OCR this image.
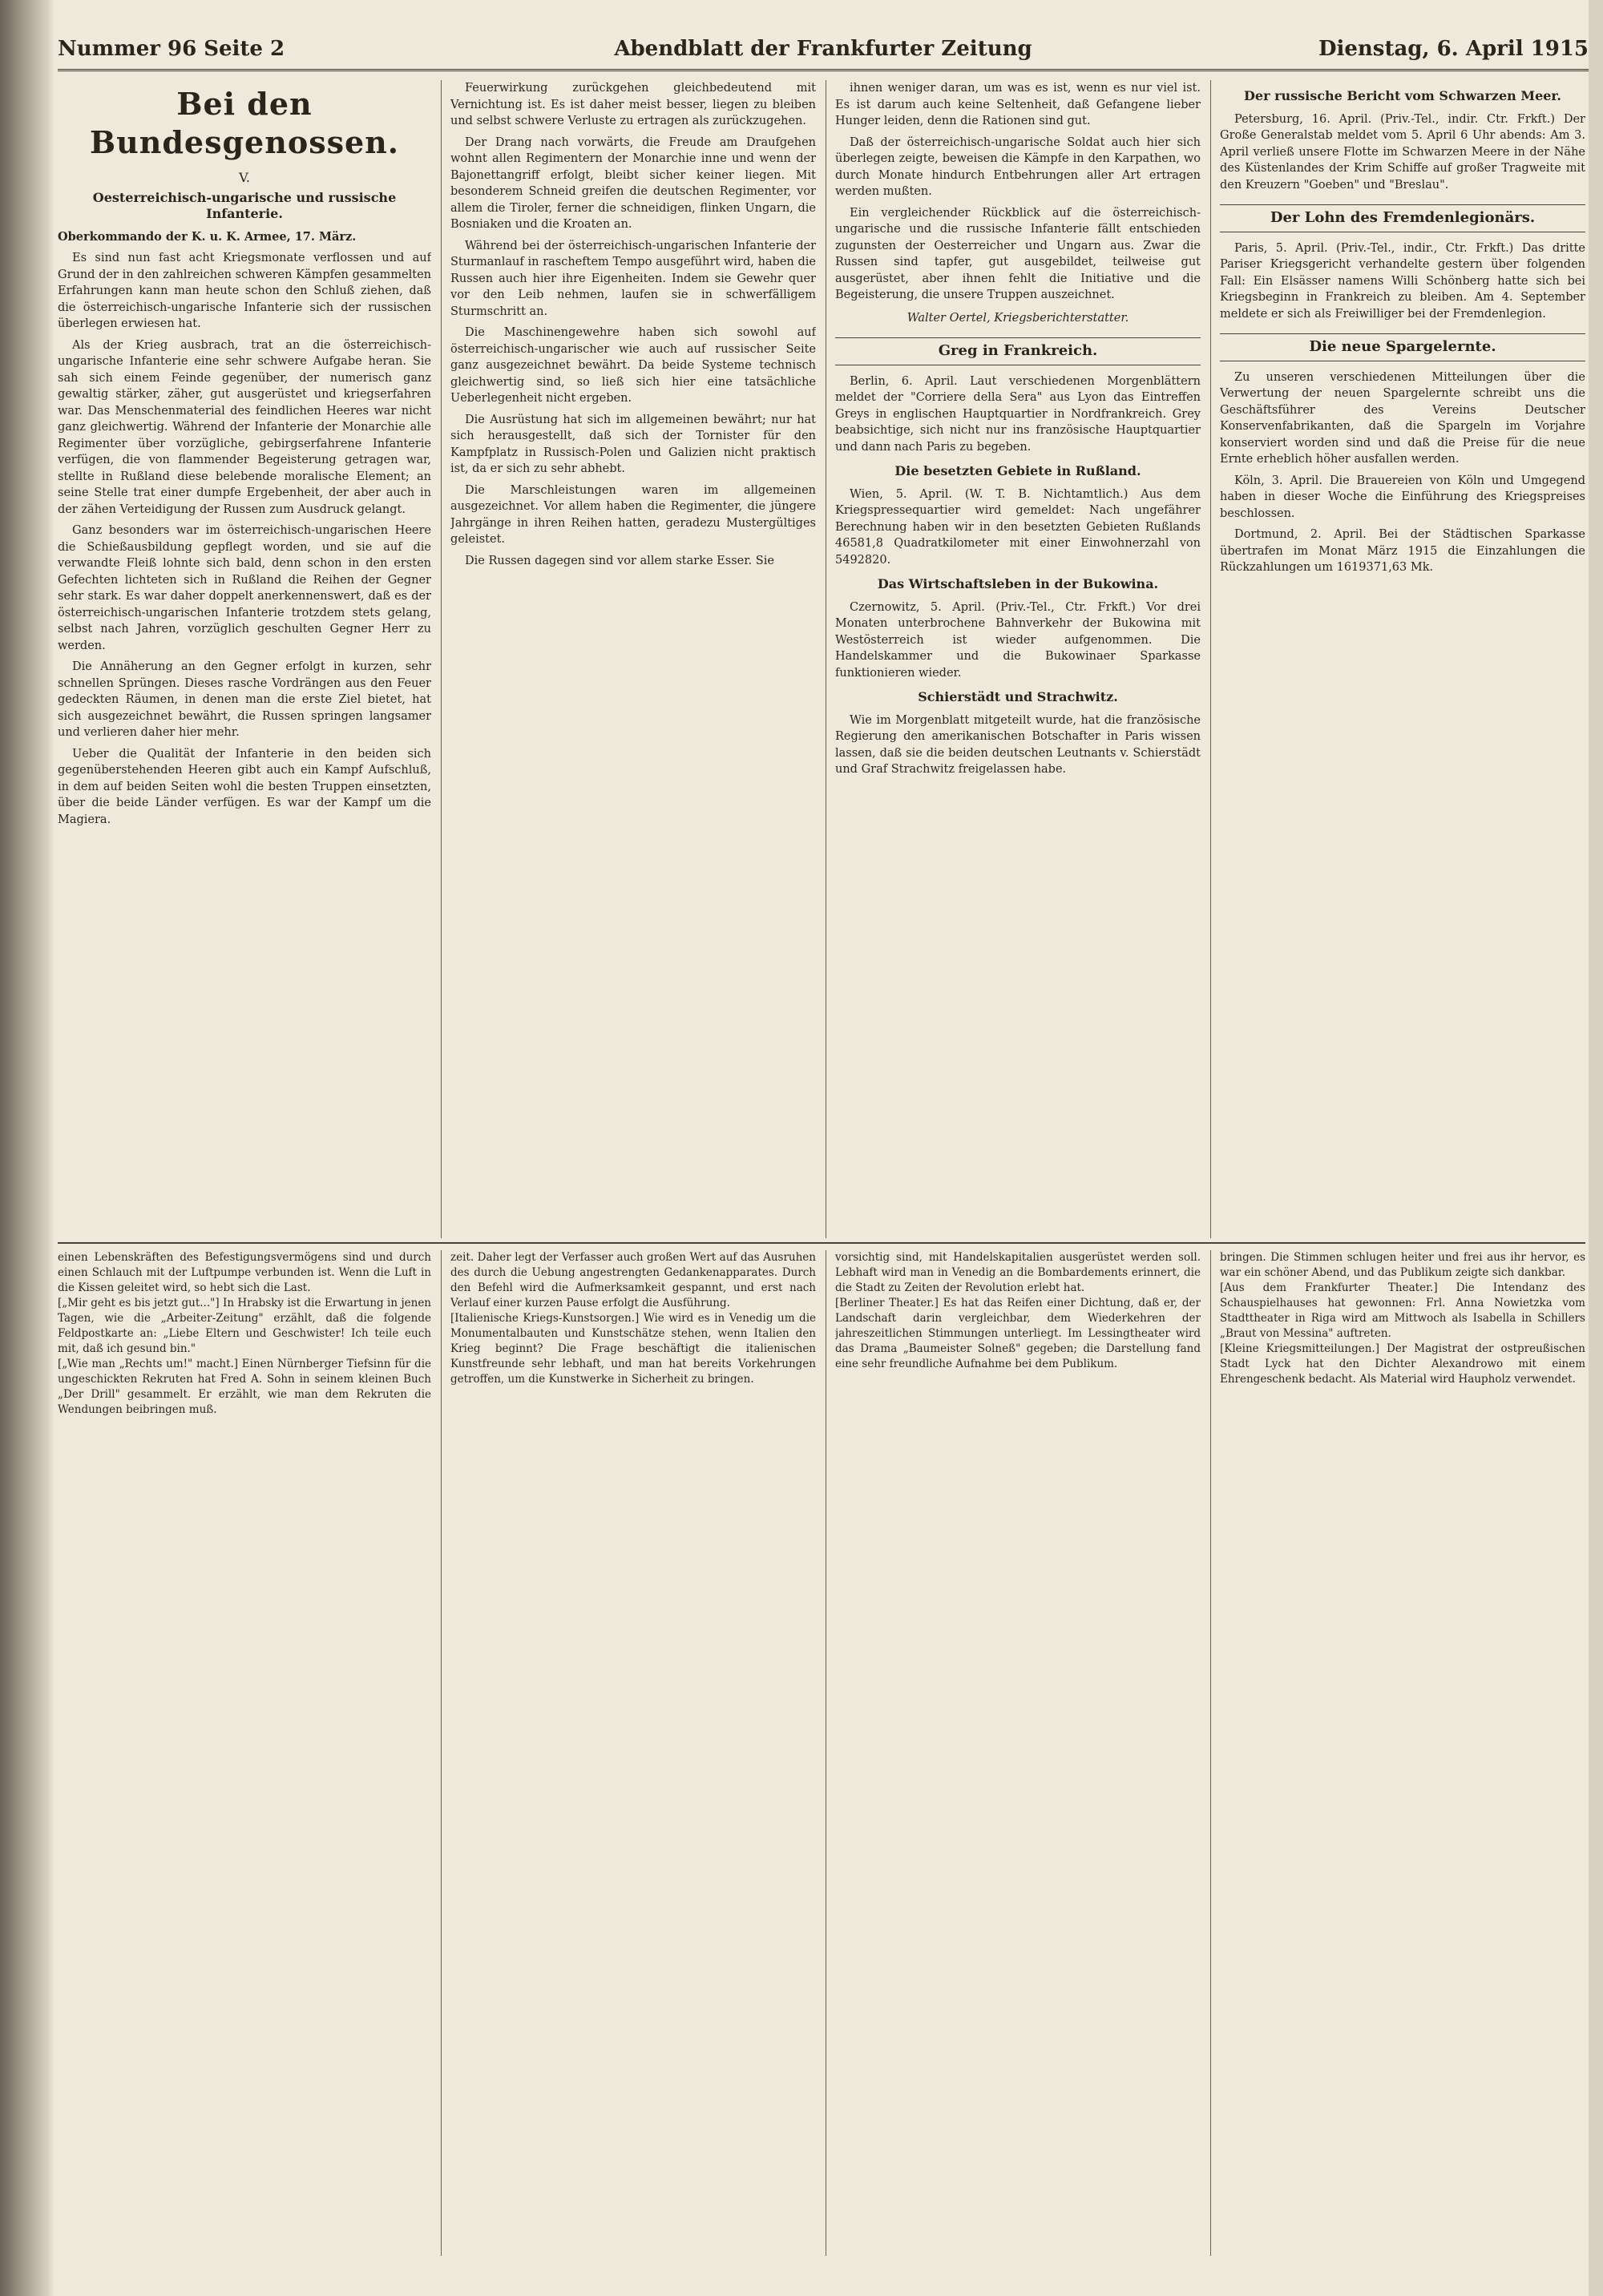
Nummer 96 Seite 2	Abendblatt der Frankfurter Zeitung	Dienstag, 6. April 1915
Bei den Bundesgenossen.
V.
Oesterreichisch-ungarische und russische Infanterie.
Oberkommando der K. u. K. Armee, 17. März.

Es sind nun fast acht Kriegsmonate verflossen und auf Grund der in den zahlreichen schweren Kämpfen gesammelten Erfahrungen kann man heute schon den Schluß ziehen, daß die österreichisch-ungarische Infanterie sich der russischen überlegen erwiesen hat.

Als der Krieg ausbrach, trat an die österreichisch-ungarische Infanterie eine sehr schwere Aufgabe heran. Sie sah sich einem Feinde gegenüber, der numerisch ganz gewaltig stärker, zäher, gut ausgerüstet und kriegserfahren war. Das Menschenmaterial des feindlichen Heeres war nicht ganz gleichwertig. Während der Infanterie der Monarchie alle Regimenter über vorzügliche, gebirgserfahrene Infanterie verfügen, die von flammender Begeisterung getragen war, stellte in Rußland diese belebende moralische Element; an seine Stelle trat einer dumpfe Ergebenheit, der aber auch in der zähen Verteidigung der Russen zum Ausdruck gelangt.

Ganz besonders war im österreichisch-ungarischen Heere die Schießausbildung gepflegt worden, und sie auf die verwandte Fleiß lohnte sich bald, denn schon in den ersten Gefechten lichteten sich in Rußland die Reihen der Gegner sehr stark. Es war daher doppelt anerkennenswert, daß es der österreichisch-ungarischen Infanterie trotzdem stets gelang, selbst nach Jahren, vorzüglich geschulten Gegner Herr zu werden.

Die Annäherung an den Gegner erfolgt in kurzen, sehr schnellen Sprüngen. Dieses rasche Vordrängen aus den Feuer gedeckten Räumen, in denen man die erste Ziel bietet, hat sich ausgezeichnet bewährt, die Russen springen langsamer und verlieren daher hier mehr.

Ueber die Qualität der Infanterie in den beiden sich gegenüberstehenden Heeren gibt auch ein Kampf Aufschluß, in dem auf beiden Seiten wohl die besten Truppen einsetzten, über die beide Länder verfügen. Es war der Kampf um die Magiera.

Feuerwirkung zurückgehen gleichbedeutend mit Vernichtung ist. Es ist daher meist besser, liegen zu bleiben und selbst schwere Verluste zu ertragen als zurückzugehen.

Der Drang nach vorwärts, die Freude am Draufgehen wohnt allen Regimentern der Monarchie inne und wenn der Bajonettangriff erfolgt, bleibt sicher keiner liegen. Mit besonderem Schneid greifen die deutschen Regimenter, vor allem die Tiroler, ferner die schneidigen, flinken Ungarn, die Bosniaken und die Kroaten an.

Während bei der österreichisch-ungarischen Infanterie der Sturmanlauf in rascheftem Tempo ausgeführt wird, haben die Russen auch hier ihre Eigenheiten. Indem sie Gewehr quer vor den Leib nehmen, laufen sie in schwerfälligem Sturmschritt an.

Die Maschinengewehre haben sich sowohl auf österreichisch-ungarischer wie auch auf russischer Seite ganz ausgezeichnet bewährt. Da beide Systeme technisch gleichwertig sind, so ließ sich hier eine tatsächliche Ueberlegenheit nicht ergeben.

Die Ausrüstung hat sich im allgemeinen bewährt; nur hat sich herausgestellt, daß sich der Tornister für den Kampfplatz in Russisch-Polen und Galizien nicht praktisch ist, da er sich zu sehr abhebt.

Die Marschleistungen waren im allgemeinen ausgezeichnet. Vor allem haben die Regimenter, die jüngere Jahrgänge in ihren Reihen hatten, geradezu Mustergültiges geleistet.

Die Russen dagegen sind vor allem starke Esser. Sie

ihnen weniger daran, um was es ist, wenn es nur viel ist. Es ist darum auch keine Seltenheit, daß Gefangene lieber Hunger leiden, denn die Rationen sind gut.

Daß der österreichisch-ungarische Soldat auch hier sich überlegen zeigte, beweisen die Kämpfe in den Karpathen, wo durch Monate hindurch Entbehrungen aller Art ertragen werden mußten.

Ein vergleichender Rückblick auf die österreichisch-ungarische und die russische Infanterie fällt entschieden zugunsten der Oesterreicher und Ungarn aus. Zwar die Russen sind tapfer, gut ausgebildet, teilweise gut ausgerüstet, aber ihnen fehlt die Initiative und die Begeisterung, die unsere Truppen auszeichnet.

Walter Oertel, Kriegsberichterstatter.
Greg in Frankreich.

Berlin, 6. April. Laut verschiedenen Morgenblättern meldet der "Corriere della Sera" aus Lyon das Eintreffen Greys in englischen Hauptquartier in Nordfrankreich. Grey beabsichtige, sich nicht nur ins französische Hauptquartier und dann nach Paris zu begeben.

Die besetzten Gebiete in Rußland.

Wien, 5. April. (W. T. B. Nichtamtlich.) Aus dem Kriegspressequartier wird gemeldet: Nach ungefährer Berechnung haben wir in den besetzten Gebieten Rußlands 46581,8 Quadratkilometer mit einer Einwohnerzahl von 5492820.

Das Wirtschaftsleben in der Bukowina.

Czernowitz, 5. April. (Priv.-Tel., Ctr. Frkft.) Vor drei Monaten unterbrochene Bahnverkehr der Bukowina mit Westösterreich ist wieder aufgenommen. Die Handelskammer und die Bukowinaer Sparkasse funktionieren wieder.

Schierstädt und Strachwitz.

Wie im Morgenblatt mitgeteilt wurde, hat die französische Regierung den amerikanischen Botschafter in Paris wissen lassen, daß sie die beiden deutschen Leutnants v. Schierstädt und Graf Strachwitz freigelassen habe.

Der russische Bericht vom Schwarzen Meer.

Petersburg, 16. April. (Priv.-Tel., indir. Ctr. Frkft.) Der Große Generalstab meldet vom 5. April 6 Uhr abends: Am 3. April verließ unsere Flotte im Schwarzen Meere in der Nähe des Küstenlandes der Krim Schiffe auf großer Tragweite mit den Kreuzern "Goeben" und "Breslau".

Der Lohn des Fremdenlegionärs.

Paris, 5. April. (Priv.-Tel., indir., Ctr. Frkft.) Das dritte Pariser Kriegsgericht verhandelte gestern über folgenden Fall: Ein Elsässer namens Willi Schönberg hatte sich bei Kriegsbeginn in Frankreich zu bleiben. Am 4. September meldete er sich als Freiwilliger bei der Fremdenlegion.

Die neue Spargelernte.

Zu unseren verschiedenen Mitteilungen über die Verwertung der neuen Spargelernte schreibt uns die Geschäftsführer des Vereins Deutscher Konservenfabrikanten, daß die Spargeln im Vorjahre konserviert worden sind und daß die Preise für die neue Ernte erheblich höher ausfallen werden.

Köln, 3. April. Die Brauereien von Köln und Umgegend haben in dieser Woche die Einführung des Kriegspreises beschlossen.

Dortmund, 2. April. Bei der Städtischen Sparkasse übertrafen im Monat März 1915 die Einzahlungen die Rückzahlungen um 1619371,63 Mk.

einen Lebenskräften des Befestigungsvermögens sind und durch einen Schlauch mit der Luftpumpe verbunden ist. Wenn die Luft in die Kissen geleitet wird, so hebt sich die Last.
[„Mir geht es bis jetzt gut..."] In Hrabsky ist die Erwartung in jenen Tagen, wie die „Arbeiter-Zeitung" erzählt, daß die folgende Feldpostkarte an: „Liebe Eltern und Geschwister! Ich teile euch mit, daß ich gesund bin."
[„Wie man „Rechts um!" macht.] Einen Nürnberger Tiefsinn für die ungeschickten Rekruten hat Fred A. Sohn in seinem kleinen Buch „Der Drill" gesammelt. Er erzählt, wie man dem Rekruten die Wendungen beibringen muß.
zeit. Daher legt der Verfasser auch großen Wert auf das Ausruhen des durch die Uebung angestrengten Gedankenapparates. Durch den Befehl wird die Aufmerksamkeit gespannt, und erst nach Verlauf einer kurzen Pause erfolgt die Ausführung.
[Italienische Kriegs-Kunstsorgen.] Wie wird es in Venedig um die Monumentalbauten und Kunstschätze stehen, wenn Italien den Krieg beginnt? Die Frage beschäftigt die italienischen Kunstfreunde sehr lebhaft, und man hat bereits Vorkehrungen getroffen, um die Kunstwerke in Sicherheit zu bringen.
vorsichtig sind, mit Handelskapitalien ausgerüstet werden soll. Lebhaft wird man in Venedig an die Bombardements erinnert, die die Stadt zu Zeiten der Revolution erlebt hat.
[Berliner Theater.] Es hat das Reifen einer Dichtung, daß er, der Landschaft darin vergleichbar, dem Wiederkehren der jahreszeitlichen Stimmungen unterliegt. Im Lessingtheater wird das Drama „Baumeister Solneß" gegeben; die Darstellung fand eine sehr freundliche Aufnahme bei dem Publikum.
bringen. Die Stimmen schlugen heiter und frei aus ihr hervor, es war ein schöner Abend, und das Publikum zeigte sich dankbar.
[Aus dem Frankfurter Theater.] Die Intendanz des Schauspielhauses hat gewonnen: Frl. Anna Nowietzka vom Stadttheater in Riga wird am Mittwoch als Isabella in Schillers „Braut von Messina" auftreten.
[Kleine Kriegsmitteilungen.] Der Magistrat der ostpreußischen Stadt Lyck hat den Dichter Alexandrowo mit einem Ehrengeschenk bedacht. Als Material wird Haupholz verwendet.
